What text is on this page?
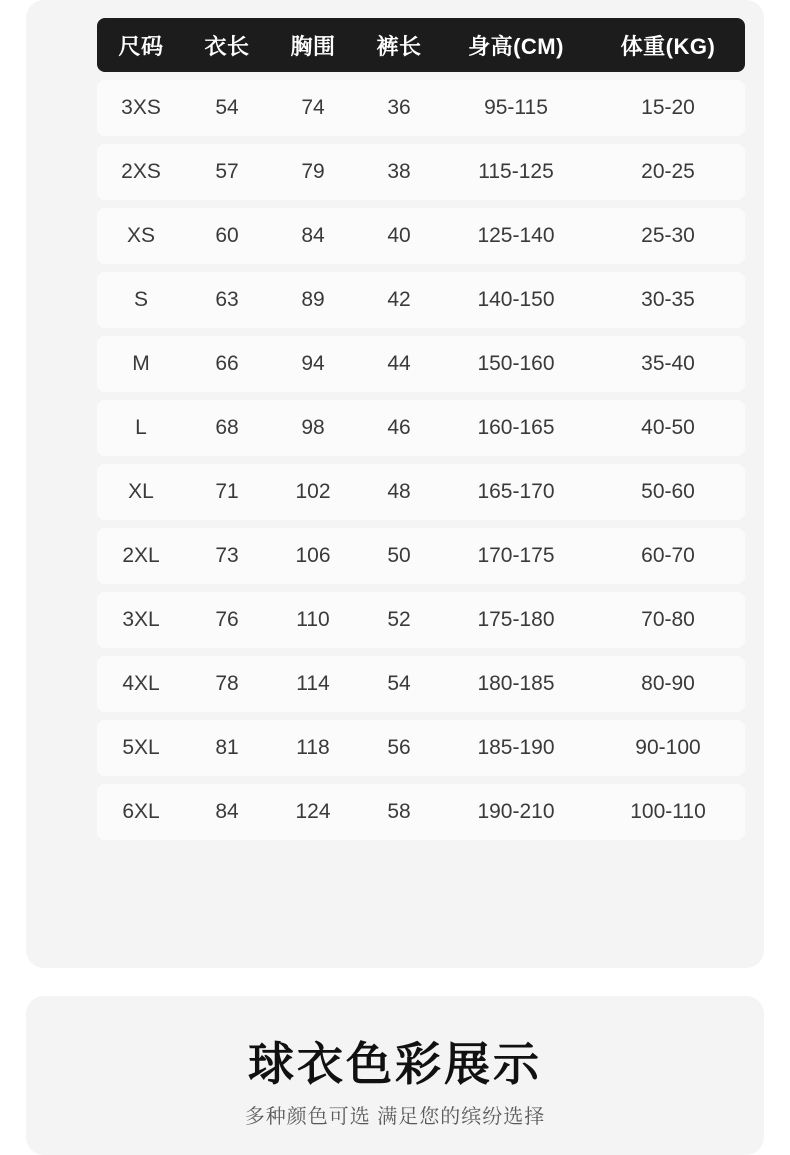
尺码	衣长	胸围	裤长	身高(CM)	体重(KG)
3XS	54	74	36	95-115	15-20
2XS	57	79	38	115-125	20-25
XS	60	84	40	125-140	25-30
S	63	89	42	140-150	30-35
M	66	94	44	150-160	35-40
L	68	98	46	160-165	40-50
XL	71	102	48	165-170	50-60
2XL	73	106	50	170-175	60-70
3XL	76	110	52	175-180	70-80
4XL	78	114	54	180-185	80-90
5XL	81	118	56	185-190	90-100
6XL	84	124	58	190-210	100-110
球衣色彩展示
多种颜色可选 满足您的缤纷选择
